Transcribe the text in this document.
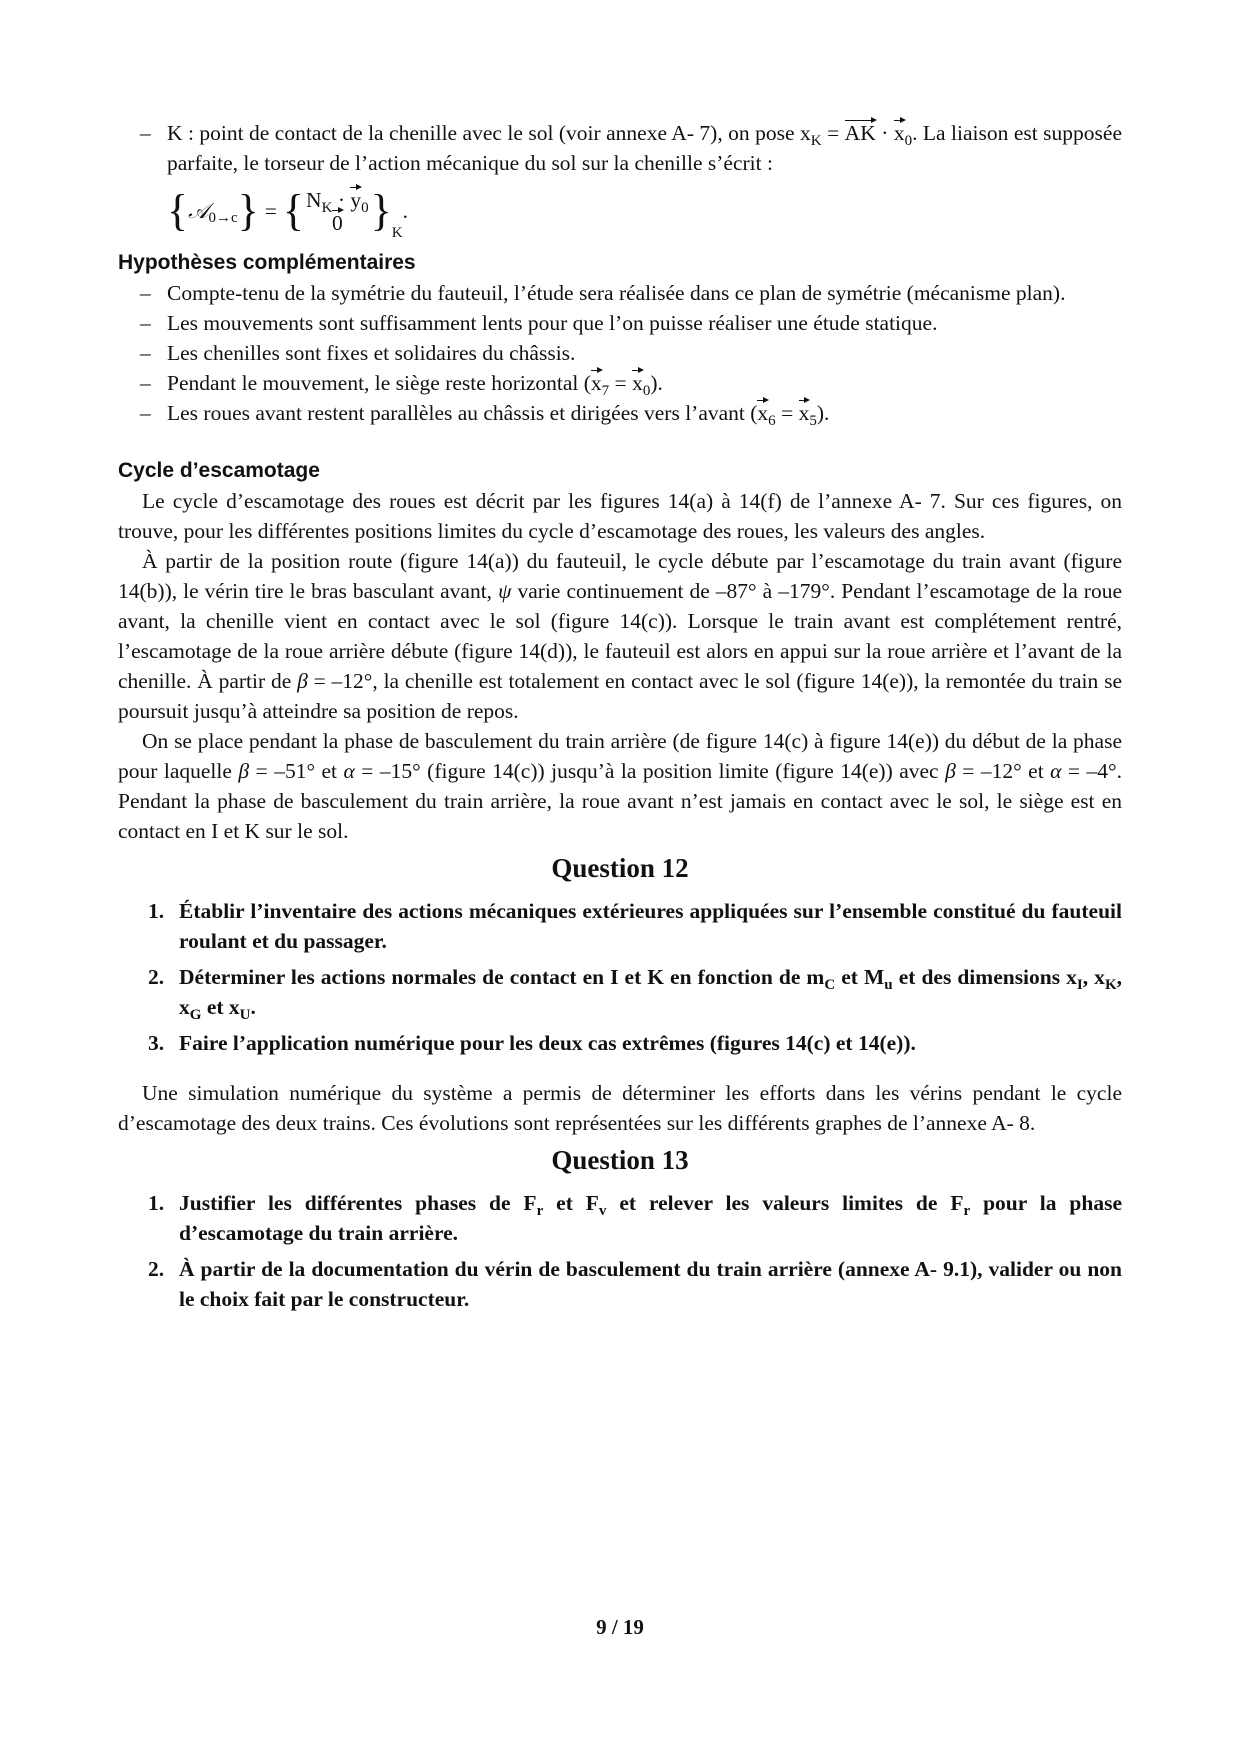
– K : point de contact de la chenille avec le sol (voir annexe A- 7), on pose $x_K$ = AK · $x_0$. La liaison est supposée parfaite, le torseur de l’action mécanique du sol sur la chenille s’écrit :
{ 𝒜 0→c } = { $N_K \cdot y_0$
0 } K
.
Hypothèses complémentaires
– Compte-tenu de la symétrie du fauteuil, l’étude sera réalisée dans ce plan de symétrie (mécanisme plan).
– Les mouvements sont suffisamment lents pour que l’on puisse réaliser une étude statique.
– Les chenilles sont fixes et solidaires du châssis.
– Pendant le mouvement, le siège reste horizontal $(x_7 = x_0)$.
– Les roues avant restent parallèles au châssis et dirigées vers l’avant $(x_6 = x_5)$.
Cycle d’escamotage

Le cycle d’escamotage des roues est décrit par les figures 14(a) à 14(f) de l’annexe A- 7. Sur ces figures, on trouve, pour les différentes positions limites du cycle d’escamotage des roues, les valeurs des angles.

À partir de la position route (figure 14(a)) du fauteuil, le cycle débute par l’escamotage du train avant (figure 14(b)), le vérin tire le bras basculant avant, ψ varie continuement de –87° à –179°. Pendant l’escamotage de la roue avant, la chenille vient en contact avec le sol (figure 14(c)). Lorsque le train avant est complétement rentré, l’escamotage de la roue arrière débute (figure 14(d)), le fauteuil est alors en appui sur la roue arrière et l’avant de la chenille. À partir de β = –12°, la chenille est totalement en contact avec le sol (figure 14(e)), la remontée du train se poursuit jusqu’à atteindre sa position de repos.

On se place pendant la phase de basculement du train arrière (de figure 14(c) à figure 14(e)) du début de la phase pour laquelle β = –51° et α = –15° (figure 14(c)) jusqu’à la position limite (figure 14(e)) avec β = –12° et α = –4°. Pendant la phase de basculement du train arrière, la roue avant n’est jamais en contact avec le sol, le siège est en contact en I et K sur le sol.

Question 12
1. Établir l’inventaire des actions mécaniques extérieures appliquées sur l’ensemble constitué du fauteuil roulant et du passager.
2. Déterminer les actions normales de contact en I et K en fonction de $m_C$ et $M_u$ et des dimensions $x_I$, $x_K$, $x_G$ et $x_U$.
3. Faire l’application numérique pour les deux cas extrêmes (figures 14(c) et 14(e)).

Une simulation numérique du système a permis de déterminer les efforts dans les vérins pendant le cycle d’escamotage des deux trains. Ces évolutions sont représentées sur les différents graphes de l’annexe A- 8.

Question 13
1. Justifier les différentes phases de $F_r$ et $F_v$ et relever les valeurs limites de $F_r$ pour la phase d’escamotage du train arrière.
2. À partir de la documentation du vérin de basculement du train arrière (annexe A- 9.1), valider ou non le choix fait par le constructeur.
9 / 19
